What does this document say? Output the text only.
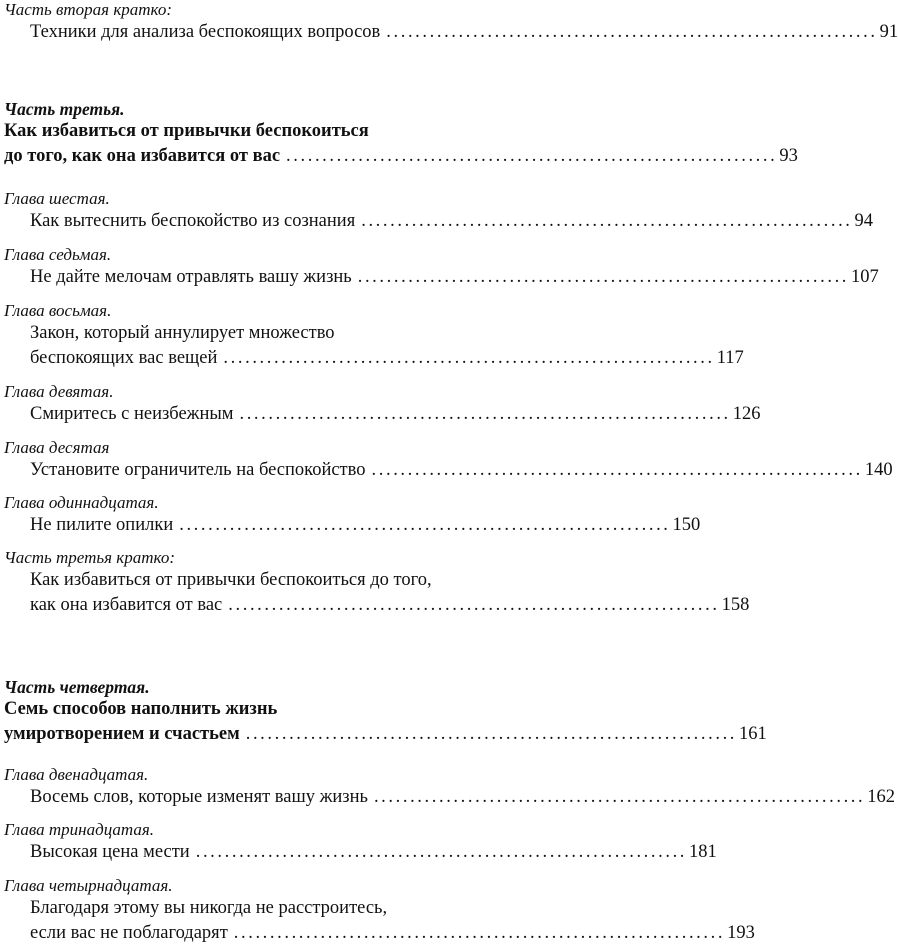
Часть вторая кратко:
Техники для анализа беспокоящих вопросов .................................................................... 91
Часть третья.
Как избавиться от привычки беспокоиться
до того, как она избавится от вас .................................................................... 93
Глава шестая.
Как вытеснить беспокойство из сознания .................................................................... 94
Глава седьмая.
Не дайте мелочам отравлять вашу жизнь .................................................................... 107
Глава восьмая.
Закон, который аннулирует множество
беспокоящих вас вещей .................................................................... 117
Глава девятая.
Смиритесь с неизбежным .................................................................... 126
Глава десятая
Установите ограничитель на беспокойство .................................................................... 140
Глава одиннадцатая.
Не пилите опилки .................................................................... 150
Часть третья кратко:
Как избавиться от привычки беспокоиться до того,
как она избавится от вас .................................................................... 158
Часть четвертая.
Семь способов наполнить жизнь
умиротворением и счастьем .................................................................... 161
Глава двенадцатая.
Восемь слов, которые изменят вашу жизнь .................................................................... 162
Глава тринадцатая.
Высокая цена мести .................................................................... 181
Глава четырнадцатая.
Благодаря этому вы никогда не расстроитесь,
если вас не поблагодарят .................................................................... 193
